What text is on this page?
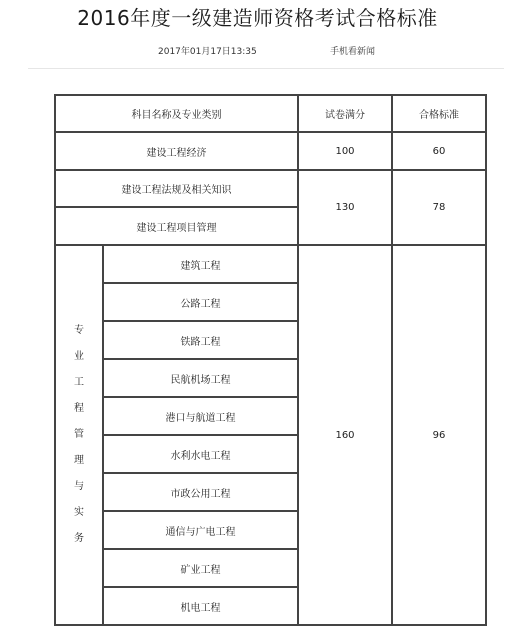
2016年度一级建造师资格考试合格标准
2017年01月17日13:35	手机看新闻
科目名称及专业类别		试卷满分	合格标准
建设工程经济		100	60
建设工程法规及相关知识		130	78
建设工程项目管理			
专业工程管理与实务	建筑工程	160	96
	公路工程		
	铁路工程		
	民航机场工程		
	港口与航道工程		
	水利水电工程		
	市政公用工程		
	通信与广电工程		
	矿业工程		
	机电工程		
